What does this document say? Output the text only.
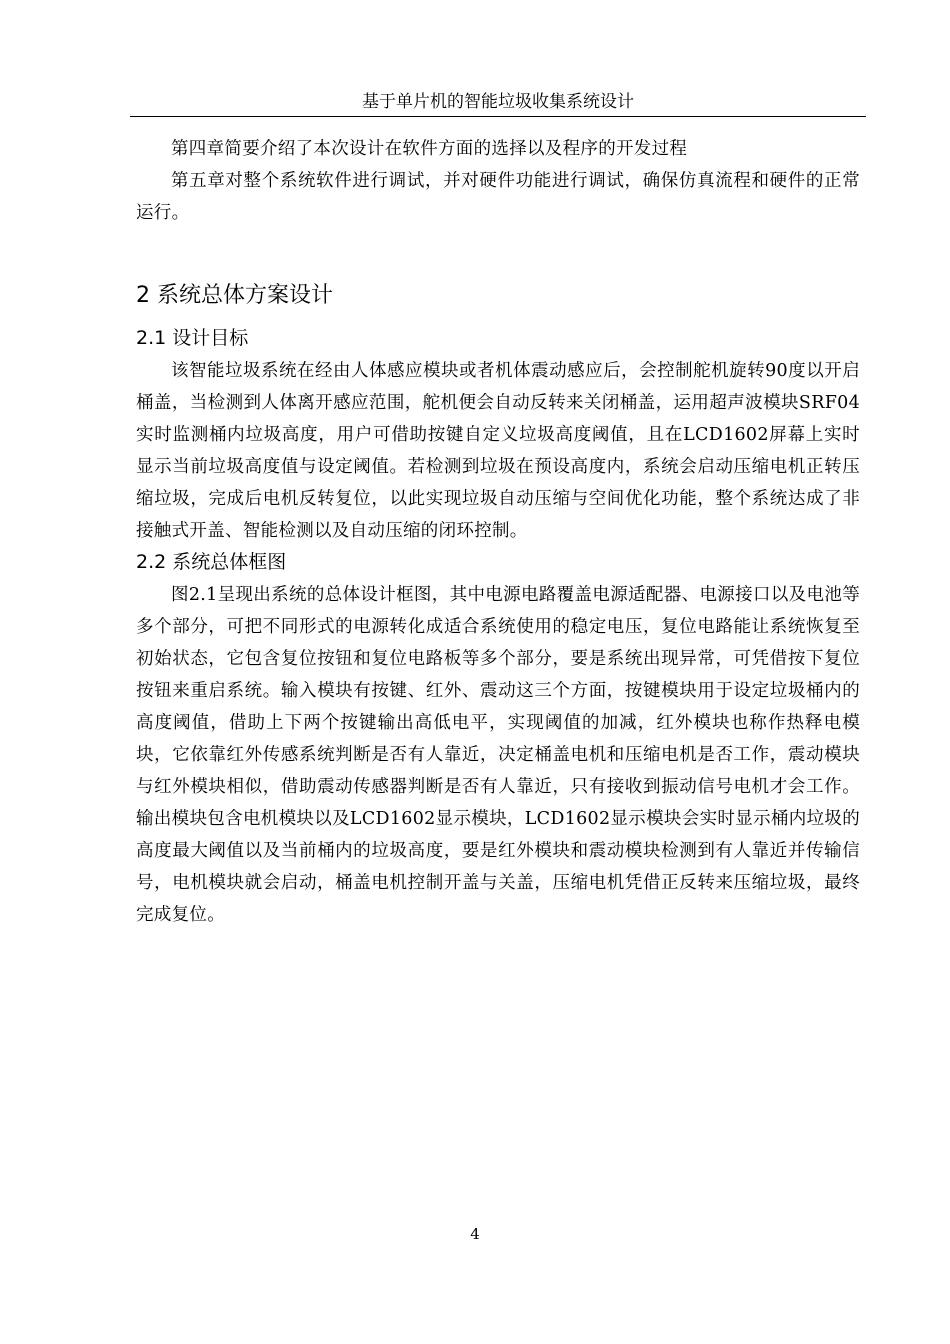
基于单片机的智能垃圾收集系统设计

第四章简要介绍了本次设计在软件方面的选择以及程序的开发过程

第五章对整个系统软件进行调试，并对硬件功能进行调试，确保仿真流程和硬件的正常运行。

2 系统总体方案设计
2.1 设计目标

该智能垃圾系统在经由人体感应模块或者机体震动感应后，会控制舵机旋转90度以开启桶盖，当检测到人体离开感应范围，舵机便会自动反转来关闭桶盖，运用超声波模块SRF04实时监测桶内垃圾高度，用户可借助按键自定义垃圾高度阈值，且在LCD1602屏幕上实时显示当前垃圾高度值与设定阈值。若检测到垃圾在预设高度内，系统会启动压缩电机正转压缩垃圾，完成后电机反转复位，以此实现垃圾自动压缩与空间优化功能，整个系统达成了非接触式开盖、智能检测以及自动压缩的闭环控制。

2.2 系统总体框图

图2.1呈现出系统的总体设计框图，其中电源电路覆盖电源适配器、电源接口以及电池等多个部分，可把不同形式的电源转化成适合系统使用的稳定电压，复位电路能让系统恢复至初始状态，它包含复位按钮和复位电路板等多个部分，要是系统出现异常，可凭借按下复位按钮来重启系统。输入模块有按键、红外、震动这三个方面，按键模块用于设定垃圾桶内的高度阈值，借助上下两个按键输出高低电平，实现阈值的加减，红外模块也称作热释电模块，它依靠红外传感系统判断是否有人靠近，决定桶盖电机和压缩电机是否工作，震动模块与红外模块相似，借助震动传感器判断是否有人靠近，只有接收到振动信号电机才会工作。输出模块包含电机模块以及LCD1602显示模块，LCD1602显示模块会实时显示桶内垃圾的高度最大阈值以及当前桶内的垃圾高度，要是红外模块和震动模块检测到有人靠近并传输信号，电机模块就会启动，桶盖电机控制开盖与关盖，压缩电机凭借正反转来压缩垃圾，最终完成复位。

4
